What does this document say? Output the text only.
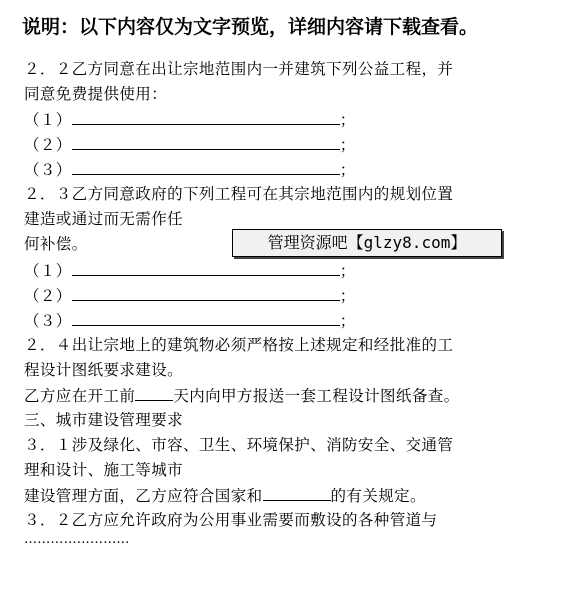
说明：以下内容仅为文字预览，详细内容请下载查看。
２．２乙方同意在出让宗地范围内一并建筑下列公益工程，并
同意免费提供使用：
（１）	；
（２）	；
（３）	；
２．３乙方同意政府的下列工程可在其宗地范围内的规划位置
建造或通过而无需作任
何补偿。	管理资源吧【glzy8.com】
（１）	；
（２）	；
（３）	；
２．４出让宗地上的建筑物必须严格按上述规定和经批准的工
程设计图纸要求建设。
乙方应在开工前 天内向甲方报送一套工程设计图纸备查。
三、城市建设管理要求
３．１涉及绿化、市容、卫生、环境保护、消防安全、交通管
理和设计、施工等城市
建设管理方面，乙方应符合国家和	的有关规定。
３．２乙方应允许政府为公用事业需要而敷设的各种管道与
……………………
